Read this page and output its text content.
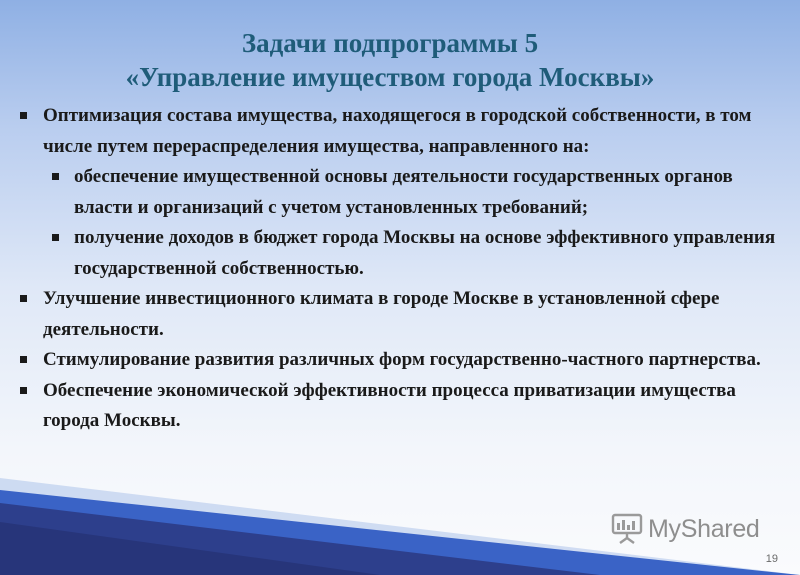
Задачи подпрограммы 5
«Управление имуществом города Москвы»
Оптимизация состава имущества, находящегося в городской собственности, в том числе путем перераспределения имущества, направленного на:
обеспечение имущественной основы деятельности государственных органов власти и организаций с учетом установленных требований;
получение доходов в бюджет города Москвы на основе эффективного управления государственной собственностью.
Улучшение инвестиционного климата в городе Москве в установленной сфере деятельности.
Стимулирование развития различных форм государственно-частного партнерства.
Обеспечение экономической эффективности процесса приватизации имущества города Москвы.
MyShared
19
